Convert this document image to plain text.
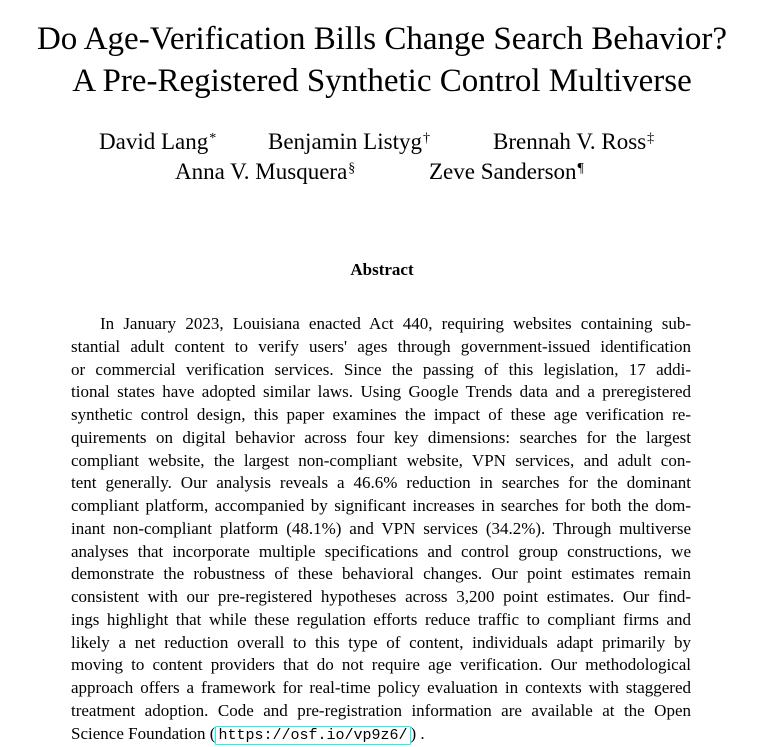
Do Age-Verification Bills Change Search Behavior?
A Pre-Registered Synthetic Control Multiverse
David Lang* Benjamin Listyg†	Brennah V. Ross‡
Anna V. Musquera§	Zeve Sanderson¶
Abstract
In January 2023, Louisiana enacted Act 440, requiring websites containing sub-
stantial adult content to verify users' ages through government-issued identification
or commercial verification services. Since the passing of this legislation, 17 addi-
tional states have adopted similar laws. Using Google Trends data and a preregistered
synthetic control design, this paper examines the impact of these age verification re-
quirements on digital behavior across four key dimensions: searches for the largest
compliant website, the largest non-compliant website, VPN services, and adult con-
tent generally. Our analysis reveals a 46.6% reduction in searches for the dominant
compliant platform, accompanied by significant increases in searches for both the dom-
inant non-compliant platform (48.1%) and VPN services (34.2%). Through multiverse
analyses that incorporate multiple specifications and control group constructions, we
demonstrate the robustness of these behavioral changes. Our point estimates remain
consistent with our pre-registered hypotheses across 3,200 point estimates. Our find-
ings highlight that while these regulation efforts reduce traffic to compliant firms and
likely a net reduction overall to this type of content, individuals adapt primarily by
moving to content providers that do not require age verification. Our methodological
approach offers a framework for real-time policy evaluation in contexts with staggered
treatment adoption. Code and pre-registration information are available at the Open
Science Foundation ( https://osf.io/vp9z6/ ) .
